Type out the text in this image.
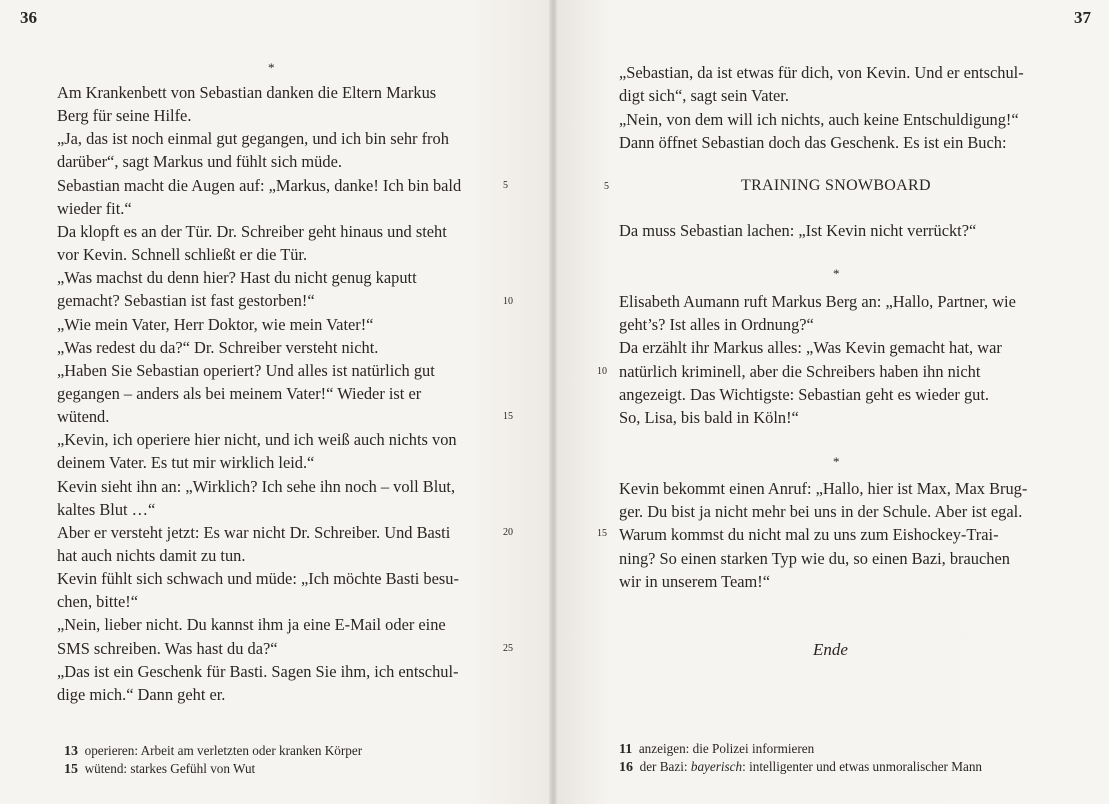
36
*
Am Krankenbett von Sebastian danken die Eltern Markus
Berg für seine Hilfe.
„Ja, das ist noch einmal gut gegangen, und ich bin sehr froh
darüber“, sagt Markus und fühlt sich müde.
Sebastian macht die Augen auf: „Markus, danke! Ich bin bald
wieder fit.“
Da klopft es an der Tür. Dr. Schreiber geht hinaus und steht
vor Kevin. Schnell schließt er die Tür.
„Was machst du denn hier? Hast du nicht genug kaputt
gemacht? Sebastian ist fast gestorben!“
„Wie mein Vater, Herr Doktor, wie mein Vater!“
„Was redest du da?“ Dr. Schreiber versteht nicht.
„Haben Sie Sebastian operiert? Und alles ist natürlich gut
gegangen – anders als bei meinem Vater!“ Wieder ist er
wütend.
„Kevin, ich operiere hier nicht, und ich weiß auch nichts von
deinem Vater. Es tut mir wirklich leid.“
Kevin sieht ihn an: „Wirklich? Ich sehe ihn noch – voll Blut,
kaltes Blut …“
Aber er versteht jetzt: Es war nicht Dr. Schreiber. Und Basti
hat auch nichts damit zu tun.
Kevin fühlt sich schwach und müde: „Ich möchte Basti besu-
chen, bitte!“
„Nein, lieber nicht. Du kannst ihm ja eine E-Mail oder eine
SMS schreiben. Was hast du da?“
„Das ist ein Geschenk für Basti. Sagen Sie ihm, ich entschul-
dige mich.“ Dann geht er.
5
10
15
20
25
13 operieren: Arbeit am verletzten oder kranken Körper
15 wütend: starkes Gefühl von Wut
37
„Sebastian, da ist etwas für dich, von Kevin. Und er entschul-
digt sich“, sagt sein Vater.
„Nein, von dem will ich nichts, auch keine Entschuldigung!“
Dann öffnet Sebastian doch das Geschenk. Es ist ein Buch:
5	TRAINING SNOWBOARD
Da muss Sebastian lachen: „Ist Kevin nicht verrückt?“
*
Elisabeth Aumann ruft Markus Berg an: „Hallo, Partner, wie
geht’s? Ist alles in Ordnung?“
Da erzählt ihr Markus alles: „Was Kevin gemacht hat, war
natürlich kriminell, aber die Schreibers haben ihn nicht
angezeigt. Das Wichtigste: Sebastian geht es wieder gut.
So, Lisa, bis bald in Köln!“
10
*
Kevin bekommt einen Anruf: „Hallo, hier ist Max, Max Brug-
ger. Du bist ja nicht mehr bei uns in der Schule. Aber ist egal.
Warum kommst du nicht mal zu uns zum Eishockey-Trai-
ning? So einen starken Typ wie du, so einen Bazi, brauchen
wir in unserem Team!“
15
Ende
11 anzeigen: die Polizei informieren
16 der Bazi: bayerisch: intelligenter und etwas unmoralischer Mann
